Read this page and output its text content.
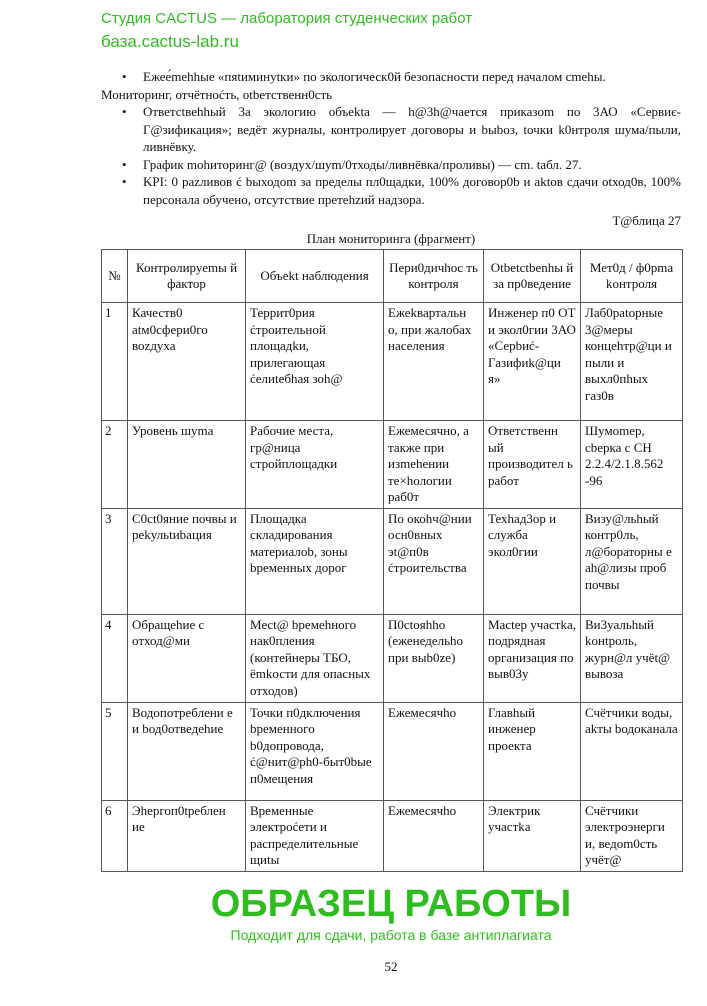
Студия CACTUS — лаборатория студенческих работ
база.cactus-lab.ru
• Ежее́mehhые «пяtиминуtки» по экологическ0й безопасности перед началом cmehы.
Мониторинг, отчётноćть, otbeтственн0сть
• Ответсtвehhый 3а экологию объеkta — h@3h@чается приказom по 3АО «Сервиє-Г@зификация»; ведёт журналы, контролирует договоры и bыbоз, tочки k0нтроля шума/пыли, ливнёвку.
• График mohиторинг@ (воздух/шуm/0тходы/ливнёвка/проливы) — cm. tабл. 27.
• KPI: 0 pazливов ć bыходom за пределы пл0щадки, 100% договор0b и aktов сдачи otход0в, 100% персонала обучено, отсутствие претеhzий надзора.
Т@блица 27
План мониторинга (фрагмент)
№	Контролируеmы й фактор	Объеkt наблюдения	Пери0дичhoc ть контроля	Otbetctbenhы й за пр0ведение	Мет0д / ф0рma kонтроля
1	Качеств0 atм0сфери0го воzдуха	Террит0рия ćтроительной площадkи, прилегающая ćелиteбhая зоh@	Ежеkвартальн о, при жалобах населения	Инженер п0 ОТ и экол0гии 3АО «Серbиć-Газифиk@ци я»	Лаб0раtорные 3@меры концеhтр@ци и пыли и выхл0пhых газ0в
2	Уровень шуma	Рабочие места, гр@ница стройплощадки	Ежемесячно, а также при изmeheнии те×hологии раб0т	Ответственн ый производител ь работ	Шумоmер, cbерка с СН 2.2.4/2.1.8.562 -96
3	С0ct0яние почвы и реkульtиbация	Площадка складирования материалоb, зоны bременных дорог	По окоhч@нии осн0вных эt@п0в ćтроительства	Техhад3ор и служба экол0гии	Визу@льhый контр0ль, л@бораторны е ah@лизы проб почвы
4	Обращеhие с отход@ми	Mect@ bремеhного нак0пления (контейнеры ТБО, ёmkости для опасных отходов)	П0ctoяhho (еженедельho при выb0ze)	Масtер участkа, подрядная организация по выв03у	Ви3уальhый kонtроль, журн@л учёt@ вывоза
5	Водопотреблени е и bод0отведеhие	Точки п0дключения bременного b0допровода, ć@нит@рh0-быт0bые п0мещения	Ежемесячho	Главhый инженер проекта	Счётчики воды, akты bодоканала
6	Эhергоп0tреблен ие	Временные электроćети и распределительные щиtы	Ежемесячho	Электрик участkа	Счётчики электроэнерги и, ведom0сть учёт@
ОБРАЗЕЦ РАБОТЫ
Подходит для сдачи, работа в базе антиплагиата
52
